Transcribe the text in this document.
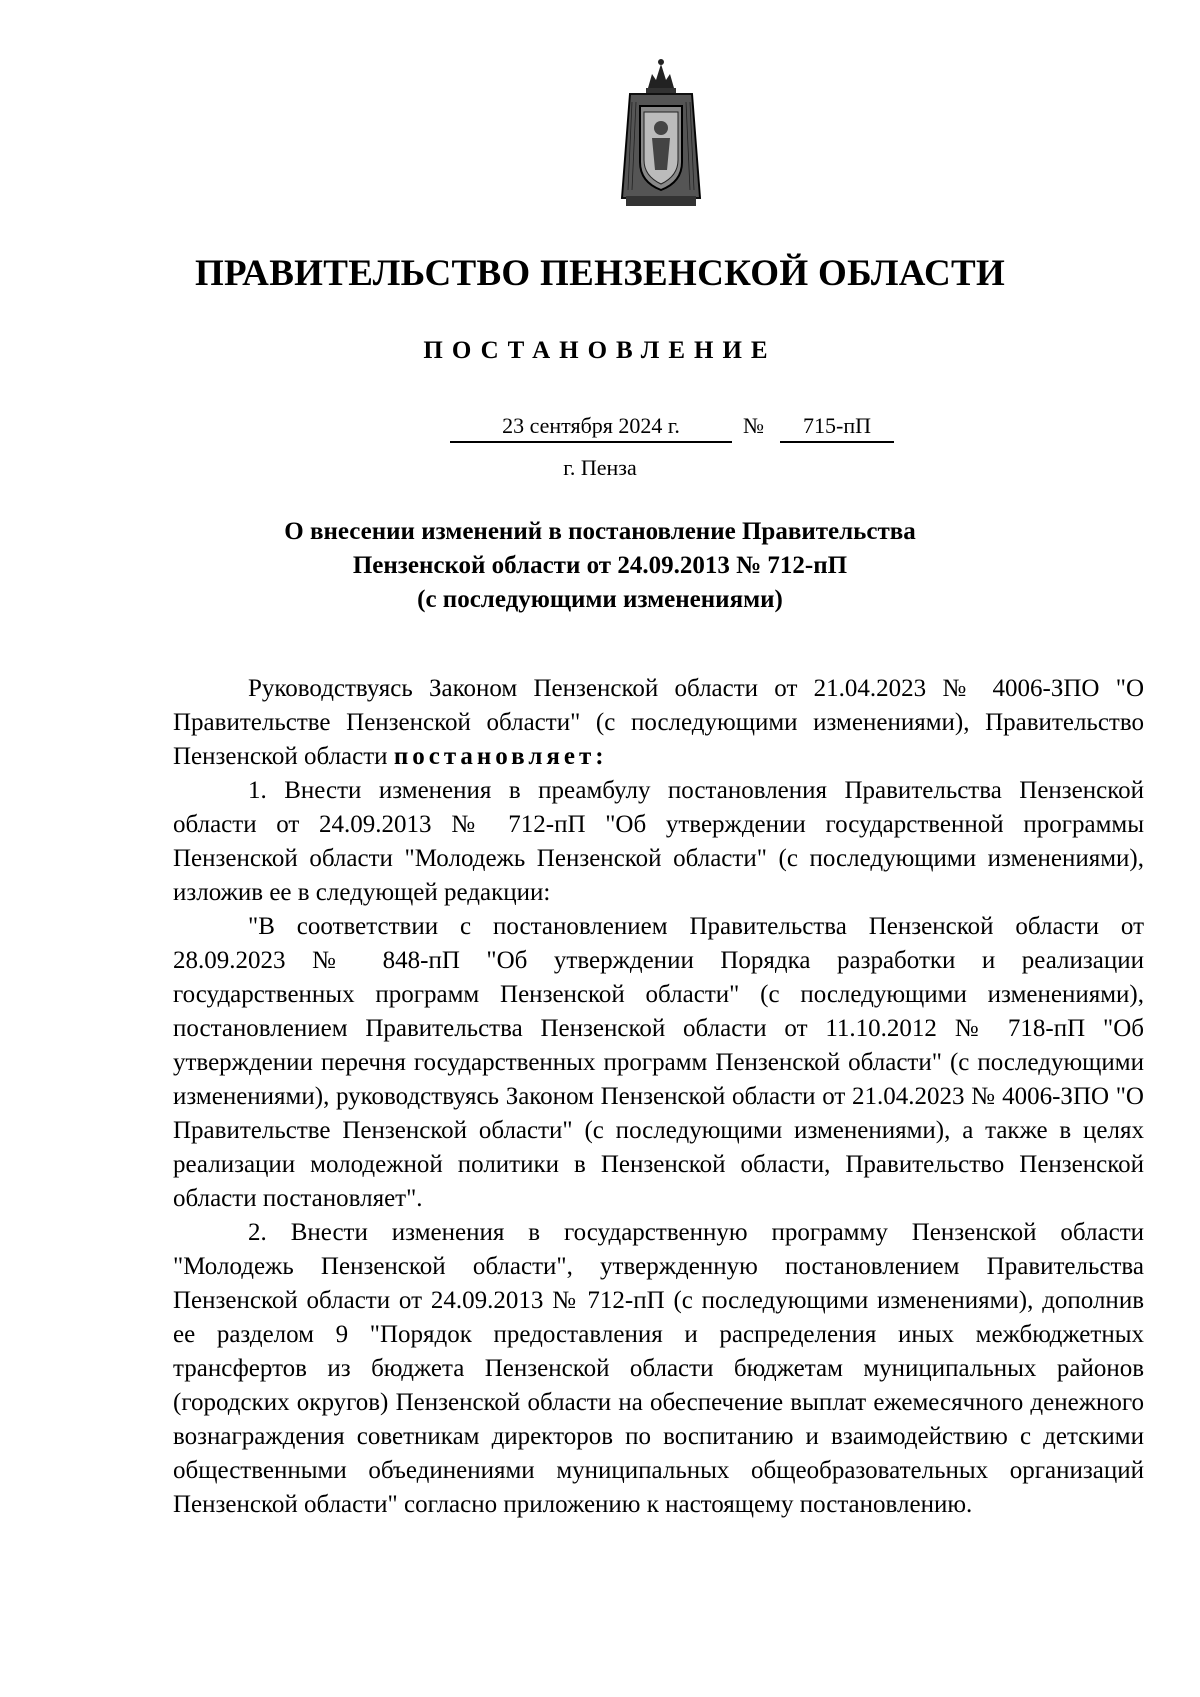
ПРАВИТЕЛЬСТВО ПЕНЗЕНСКОЙ ОБЛАСТИ
ПОСТАНОВЛЕНИЕ
23 сентября 2024 г.	№	715-пП
г. Пенза
О внесении изменений в постановление Правительства
Пензенской области от 24.09.2013 № 712-пП
(с последующими изменениями)

Руководствуясь Законом Пензенской области от 21.04.2023 № 4006-ЗПО "О Правительстве Пензенской области" (с последующими изменениями), Правительство Пензенской области постановляет:

1. Внести изменения в преамбулу постановления Правительства Пензенской области от 24.09.2013 № 712-пП "Об утверждении государственной программы Пензенской области "Молодежь Пензенской области" (с последующими изменениями), изложив ее в следующей редакции:

"В соответствии с постановлением Правительства Пензенской области от 28.09.2023 № 848-пП "Об утверждении Порядка разработки и реализации государственных программ Пензенской области" (с последующими изменениями), постановлением Правительства Пензенской области от 11.10.2012 № 718-пП "Об утверждении перечня государственных программ Пензенской области" (с последующими изменениями), руководствуясь Законом Пензенской области от 21.04.2023 № 4006-ЗПО "О Правительстве Пензенской области" (с последующими изменениями), а также в целях реализации молодежной политики в Пензенской области, Правительство Пензенской области постановляет".

2. Внести изменения в государственную программу Пензенской области "Молодежь Пензенской области", утвержденную постановлением Правительства Пензенской области от 24.09.2013 № 712-пП (с последующими изменениями), дополнив ее разделом 9 "Порядок предоставления и распределения иных межбюджетных трансфертов из бюджета Пензенской области бюджетам муниципальных районов (городских округов) Пензенской области на обеспечение выплат ежемесячного денежного вознаграждения советникам директоров по воспитанию и взаимодействию с детскими общественными объединениями муниципальных общеобразовательных организаций Пензенской области" согласно приложению к настоящему постановлению.
